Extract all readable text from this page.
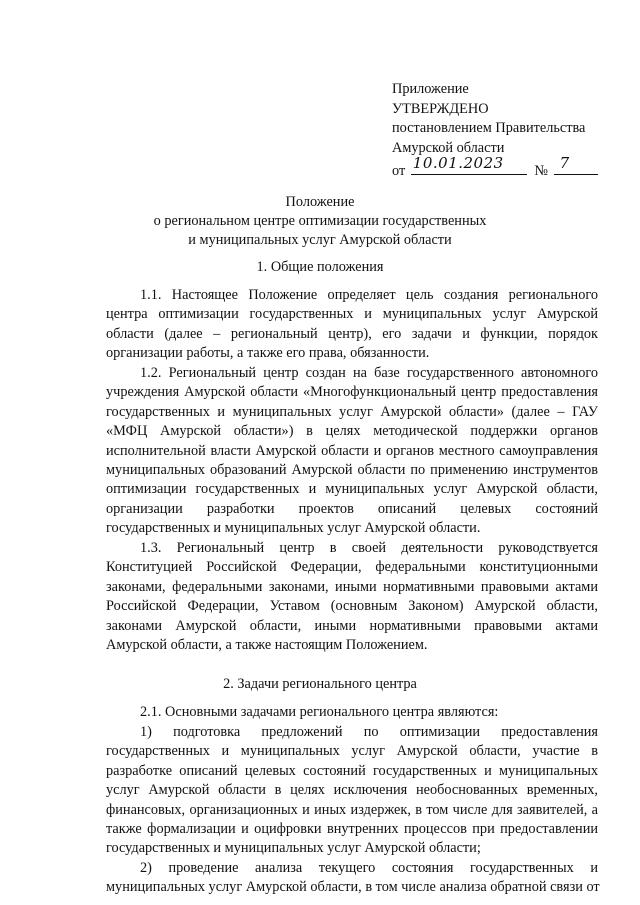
Приложение
УТВЕРЖДЕНО
постановлением Правительства
Амурской области
от 10.01.2023 № 7
Положение
о региональном центре оптимизации государственных
и муниципальных услуг Амурской области
1. Общие положения
1.1. Настоящее Положение определяет цель создания регионального
центра оптимизации государственных и муниципальных услуг Амурской
области (далее – региональный центр), его задачи и функции, порядок
организации работы, а также его права, обязанности.
1.2. Региональный центр создан на базе государственного автономного
учреждения Амурской области «Многофункциональный центр предоставления
государственных и муниципальных услуг Амурской области» (далее – ГАУ
«МФЦ Амурской области») в целях методической поддержки органов
исполнительной власти Амурской области и органов местного самоуправления
муниципальных образований Амурской области по применению инструментов
оптимизации государственных и муниципальных услуг Амурской области,
организации разработки проектов описаний целевых состояний
государственных и муниципальных услуг Амурской области.
1.3. Региональный центр в своей деятельности руководствуется
Конституцией Российской Федерации, федеральными конституционными
законами, федеральными законами, иными нормативными правовыми актами
Российской Федерации, Уставом (основным Законом) Амурской области,
законами Амурской области, иными нормативными правовыми актами
Амурской области, а также настоящим Положением.
2. Задачи регионального центра
2.1. Основными задачами регионального центра являются:
1) подготовка предложений по оптимизации предоставления
государственных и муниципальных услуг Амурской области, участие в
разработке описаний целевых состояний государственных и муниципальных
услуг Амурской области в целях исключения необоснованных временных,
финансовых, организационных и иных издержек, в том числе для заявителей, а
также формализации и оцифровки внутренних процессов при предоставлении
государственных и муниципальных услуг Амурской области;
2) проведение анализа текущего состояния государственных и
муниципальных услуг Амурской области, в том числе анализа обратной связи от
